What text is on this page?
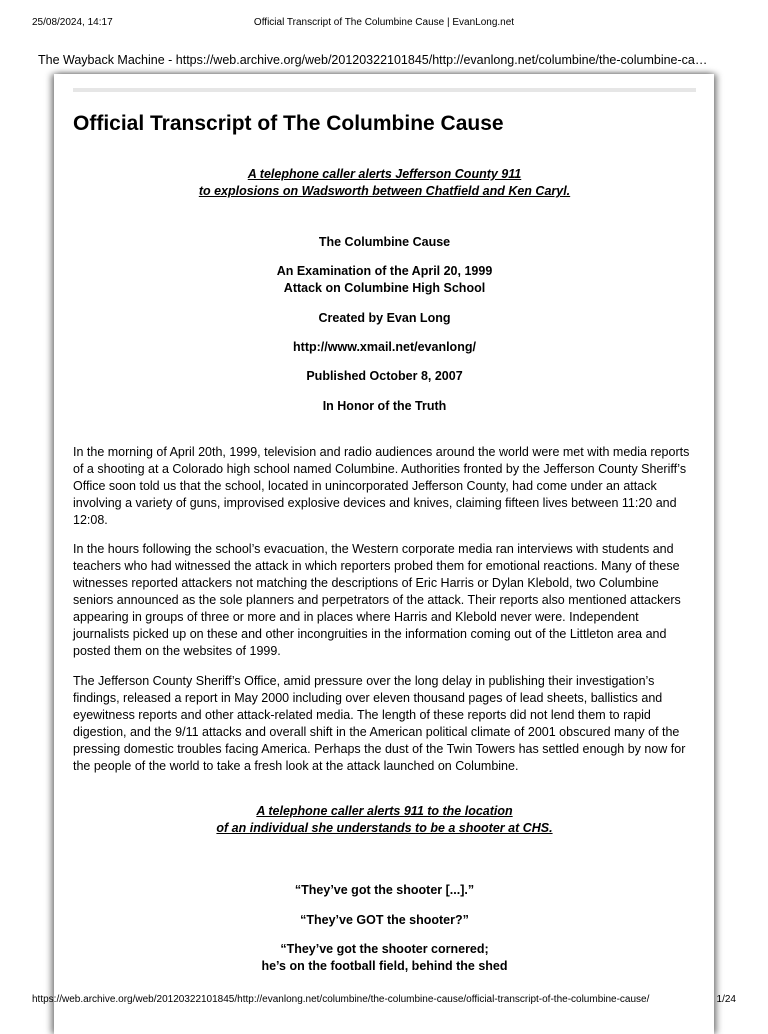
25/08/2024, 14:17	Official Transcript of The Columbine Cause | EvanLong.net
The Wayback Machine - https://web.archive.org/web/20120322101845/http://evanlong.net/columbine/the-columbine-ca…
Official Transcript of The Columbine Cause

A telephone caller alerts Jefferson County 911

to explosions on Wadsworth between Chatfield and Ken Caryl.

The Columbine Cause

An Examination of the April 20, 1999

Attack on Columbine High School

Created by Evan Long

http://www.xmail.net/evanlong/

Published October 8, 2007

In Honor of the Truth

In the morning of April 20th, 1999, television and radio audiences around the world were met with media reports of a shooting at a Colorado high school named Columbine. Authorities fronted by the Jefferson County Sheriff’s Office soon told us that the school, located in unincorporated Jefferson County, had come under an attack involving a variety of guns, improvised explosive devices and knives, claiming fifteen lives between 11:20 and 12:08.

In the hours following the school’s evacuation, the Western corporate media ran interviews with students and teachers who had witnessed the attack in which reporters probed them for emotional reactions. Many of these witnesses reported attackers not matching the descriptions of Eric Harris or Dylan Klebold, two Columbine seniors announced as the sole planners and perpetrators of the attack. Their reports also mentioned attackers appearing in groups of three or more and in places where Harris and Klebold never were. Independent journalists picked up on these and other incongruities in the information coming out of the Littleton area and posted them on the websites of 1999.

The Jefferson County Sheriff’s Office, amid pressure over the long delay in publishing their investigation’s findings, released a report in May 2000 including over eleven thousand pages of lead sheets, ballistics and eyewitness reports and other attack-related media. The length of these reports did not lend them to rapid digestion, and the 9/11 attacks and overall shift in the American political climate of 2001 obscured many of the pressing domestic troubles facing America. Perhaps the dust of the Twin Towers has settled enough by now for the people of the world to take a fresh look at the attack launched on Columbine.

A telephone caller alerts 911 to the location

of an individual she understands to be a shooter at CHS.

“They’ve got the shooter [...].”

“They’ve GOT the shooter?”

“They’ve got the shooter cornered;

he’s on the football field, behind the shed

https://web.archive.org/web/20120322101845/http://evanlong.net/columbine/the-columbine-cause/official-transcript-of-the-columbine-cause/	1/24
